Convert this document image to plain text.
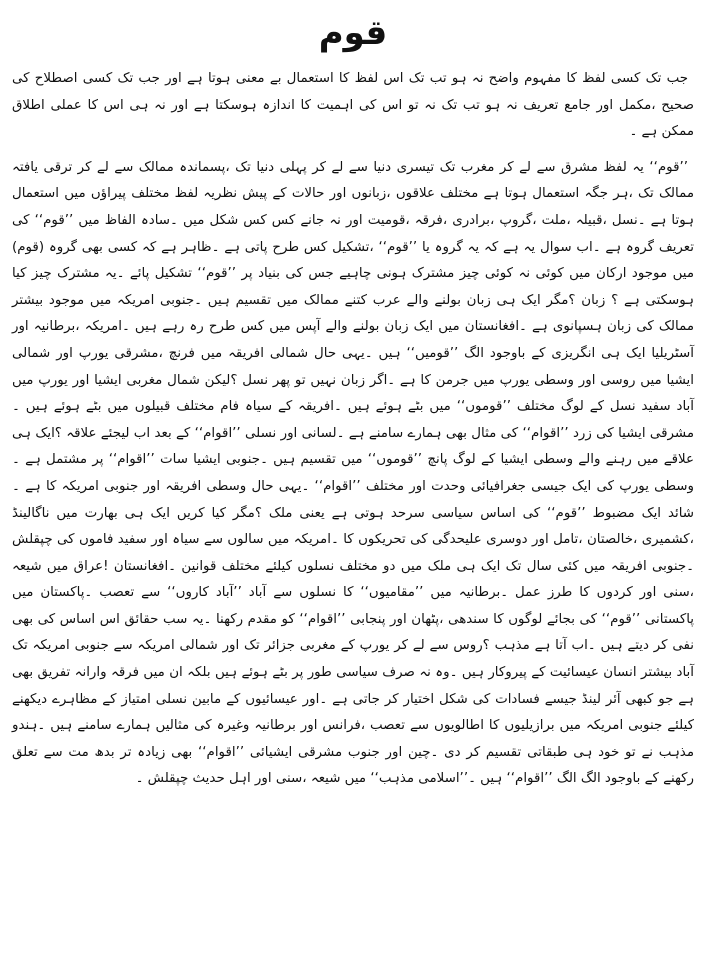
قوم

جب تک کسی لفظ کا مفہوم واضح نہ ہو تب تک اس لفظ کا استعمال بے معنی ہوتا ہے اور جب تک کسی اصطلاح کی صحیح ،مکمل اور جامع تعریف نہ ہو تب تک نہ تو اس کی اہمیت کا اندازہ ہوسکتا ہے اور نہ ہی اس کا عملی اطلاق ممکن ہے ۔

’’قوم‘‘ یہ لفظ مشرق سے لے کر مغرب تک تیسری دنیا سے لے کر پہلی دنیا تک ،پسماندہ ممالک سے لے کر ترقی یافتہ ممالک تک ،ہر جگہ استعمال ہوتا ہے مختلف علاقوں ،زبانوں اور حالات کے پیش نظریہ لفظ مختلف پیراؤں میں استعمال ہوتا ہے ۔نسل ،قبیلہ ،ملت ،گروپ ،برادری ،فرقہ ،قومیت اور نہ جانے کس کس شکل میں ۔سادہ الفاظ میں ’’قوم‘‘ کی تعریف گروہ ہے ۔اب سوال یہ ہے کہ یہ گروہ یا ’’قوم‘‘ ،تشکیل کس طرح پاتی ہے ۔ظاہر ہے کہ کسی بھی گروہ (قوم) میں موجود ارکان میں کوئی نہ کوئی چیز مشترک ہونی چاہیے جس کی بنیاد پر ’’قوم‘‘ تشکیل پائے ۔یہ مشترک چیز کیا ہوسکتی ہے ؟ زبان ؟مگر ایک ہی زبان بولنے والے عرب کتنے ممالک میں تقسیم ہیں ۔جنوبی امریکہ میں موجود بیشتر ممالک کی زبان ہسپانوی ہے ۔افغانستان میں ایک زبان بولنے والے آپس میں کس طرح رہ رہے ہیں ۔امریکہ ،برطانیہ اور آسٹریلیا ایک ہی انگریزی کے باوجود الگ ’’قومیں‘‘ ہیں ۔یہی حال شمالی افریقہ میں فرنچ ،مشرقی یورپ اور شمالی ایشیا میں روسی اور وسطی یورپ میں جرمن کا ہے ۔اگر زبان نہیں تو پھر نسل ؟لیکن شمال مغربی ایشیا اور یورپ میں آباد سفید نسل کے لوگ مختلف ’’قوموں‘‘ میں بٹے ہوئے ہیں ۔افریقہ کے سیاہ فام مختلف قبیلوں میں بٹے ہوئے ہیں ۔مشرقی ایشیا کی زرد ’’اقوام‘‘ کی مثال بھی ہمارے سامنے ہے ۔لسانی اور نسلی ’’اقوام‘‘ کے بعد اب لیجئے علاقہ ؟ایک ہی علاقے میں رہنے والے وسطی ایشیا کے لوگ پانچ ’’قوموں‘‘ میں تقسیم ہیں ۔جنوبی ایشیا سات ’’اقوام‘‘ پر مشتمل ہے ۔وسطی یورپ کی ایک جیسی جغرافیائی وحدت اور مختلف ’’اقوام‘‘ ۔یہی حال وسطی افریقہ اور جنوبی امریکہ کا ہے ۔شائد ایک مضبوط ’’قوم‘‘ کی اساس سیاسی سرحد ہوتی ہے یعنی ملک ؟مگر کیا کریں ایک ہی بھارت میں ناگالینڈ ،کشمیری ،خالصتان ،تامل اور دوسری علیحدگی کی تحریکوں کا ۔امریکہ میں سالوں سے سیاہ اور سفید فاموں کی چپقلش ۔جنوبی افریقہ میں کئی سال تک ایک ہی ملک میں دو مختلف نسلوں کیلئے مختلف قوانین ۔افغانستان !عراق میں شیعہ ،سنی اور کردوں کا طرز عمل ۔برطانیہ میں ’’مقامیوں‘‘ کا نسلوں سے آباد ’’آباد کاروں‘‘ سے تعصب ۔پاکستان میں پاکستانی ’’قوم‘‘ کی بجائے لوگوں کا سندھی ،پٹھان اور پنجابی ’’اقوام‘‘ کو مقدم رکھنا ۔یہ سب حقائق اس اساس کی بھی نفی کر دیتے ہیں ۔اب آتا ہے مذہب ؟روس سے لے کر یورپ کے مغربی جزائر تک اور شمالی امریکہ سے جنوبی امریکہ تک آباد بیشتر انسان عیسائیت کے پیروکار ہیں ۔وہ نہ صرف سیاسی طور پر بٹے ہوئے ہیں بلکہ ان میں فرقہ وارانہ تفریق بھی ہے جو کبھی آئر لینڈ جیسے فسادات کی شکل اختیار کر جاتی ہے ۔اور عیسائیوں کے مابین نسلی امتیاز کے مظاہرے دیکھنے کیلئے جنوبی امریکہ میں برازیلیوں کا اطالویوں سے تعصب ،فرانس اور برطانیہ وغیرہ کی مثالیں ہمارے سامنے ہیں ۔ہندو مذہب نے تو خود ہی طبقاتی تقسیم کر دی ۔چین اور جنوب مشرقی ایشیائی ’’اقوام‘‘ بھی زیادہ تر بدھ مت سے تعلق رکھنے کے باوجود الگ الگ ’’اقوام‘‘ ہیں ۔’’اسلامی مذہب‘‘ میں شیعہ ،سنی اور اہل حدیث چپقلش ۔
